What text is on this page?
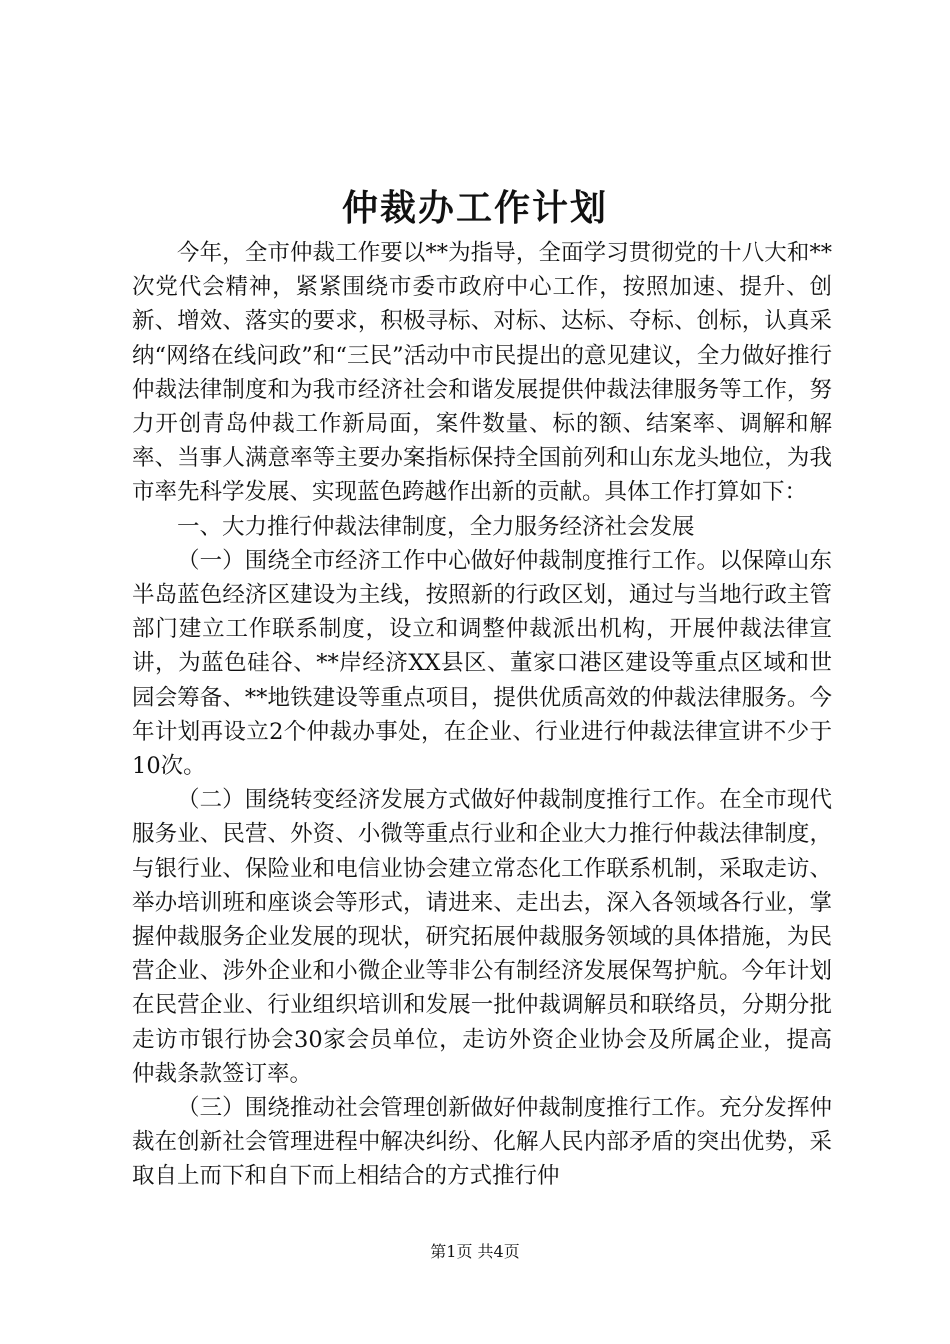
仲裁办工作计划

今年，全市仲裁工作要以**为指导，全面学习贯彻党的十八大和**次党代会精神，紧紧围绕市委市政府中心工作，按照加速、提升、创新、增效、落实的要求，积极寻标、对标、达标、夺标、创标，认真采纳“网络在线问政”和“三民”活动中市民提出的意见建议，全力做好推行仲裁法律制度和为我市经济社会和谐发展提供仲裁法律服务等工作，努力开创青岛仲裁工作新局面，案件数量、标的额、结案率、调解和解率、当事人满意率等主要办案指标保持全国前列和山东龙头地位，为我市率先科学发展、实现蓝色跨越作出新的贡献。具体工作打算如下：

一、大力推行仲裁法律制度，全力服务经济社会发展

（一）围绕全市经济工作中心做好仲裁制度推行工作。以保障山东半岛蓝色经济区建设为主线，按照新的行政区划，通过与当地行政主管部门建立工作联系制度，设立和调整仲裁派出机构，开展仲裁法律宣讲，为蓝色硅谷、**岸经济XX县区、董家口港区建设等重点区域和世园会筹备、**地铁建设等重点项目，提供优质高效的仲裁法律服务。今年计划再设立2个仲裁办事处，在企业、行业进行仲裁法律宣讲不少于10次。

（二）围绕转变经济发展方式做好仲裁制度推行工作。在全市现代服务业、民营、外资、小微等重点行业和企业大力推行仲裁法律制度，与银行业、保险业和电信业协会建立常态化工作联系机制，采取走访、举办培训班和座谈会等形式，请进来、走出去，深入各领域各行业，掌握仲裁服务企业发展的现状，研究拓展仲裁服务领域的具体措施，为民营企业、涉外企业和小微企业等非公有制经济发展保驾护航。今年计划在民营企业、行业组织培训和发展一批仲裁调解员和联络员，分期分批走访市银行协会30家会员单位，走访外资企业协会及所属企业，提高仲裁条款签订率。

（三）围绕推动社会管理创新做好仲裁制度推行工作。充分发挥仲裁在创新社会管理进程中解决纠纷、化解人民内部矛盾的突出优势，采取自上而下和自下而上相结合的方式推行仲

第1页 共4页
